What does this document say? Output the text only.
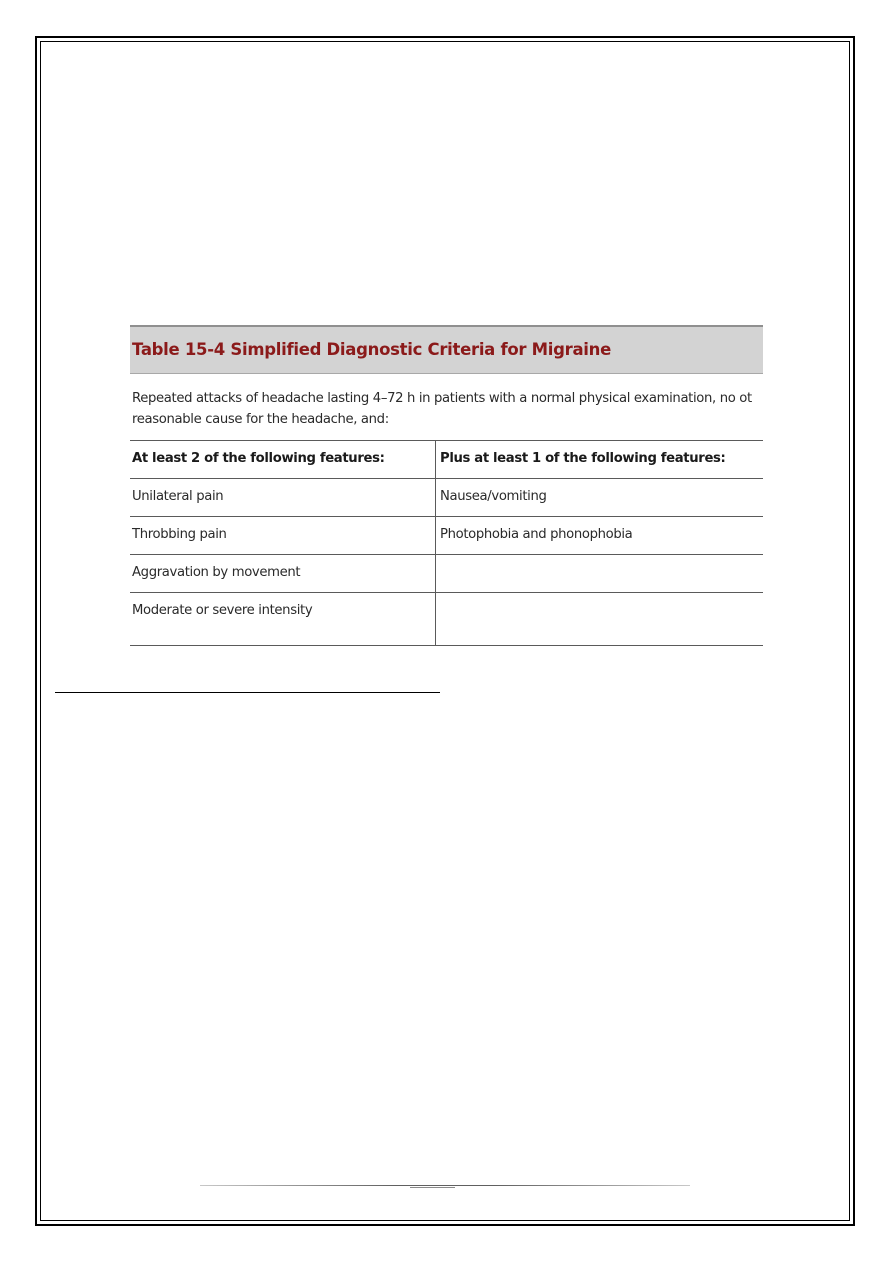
Table 15-4 Simplified Diagnostic Criteria for Migraine
Repeated attacks of headache lasting 4–72 h in patients with a normal physical examination, no ot
reasonable cause for the headache, and:
At least 2 of the following features:	Plus at least 1 of the following features:
Unilateral pain	Nausea/vomiting
Throbbing pain	Photophobia and phonophobia
Aggravation by movement
Moderate or severe intensity
